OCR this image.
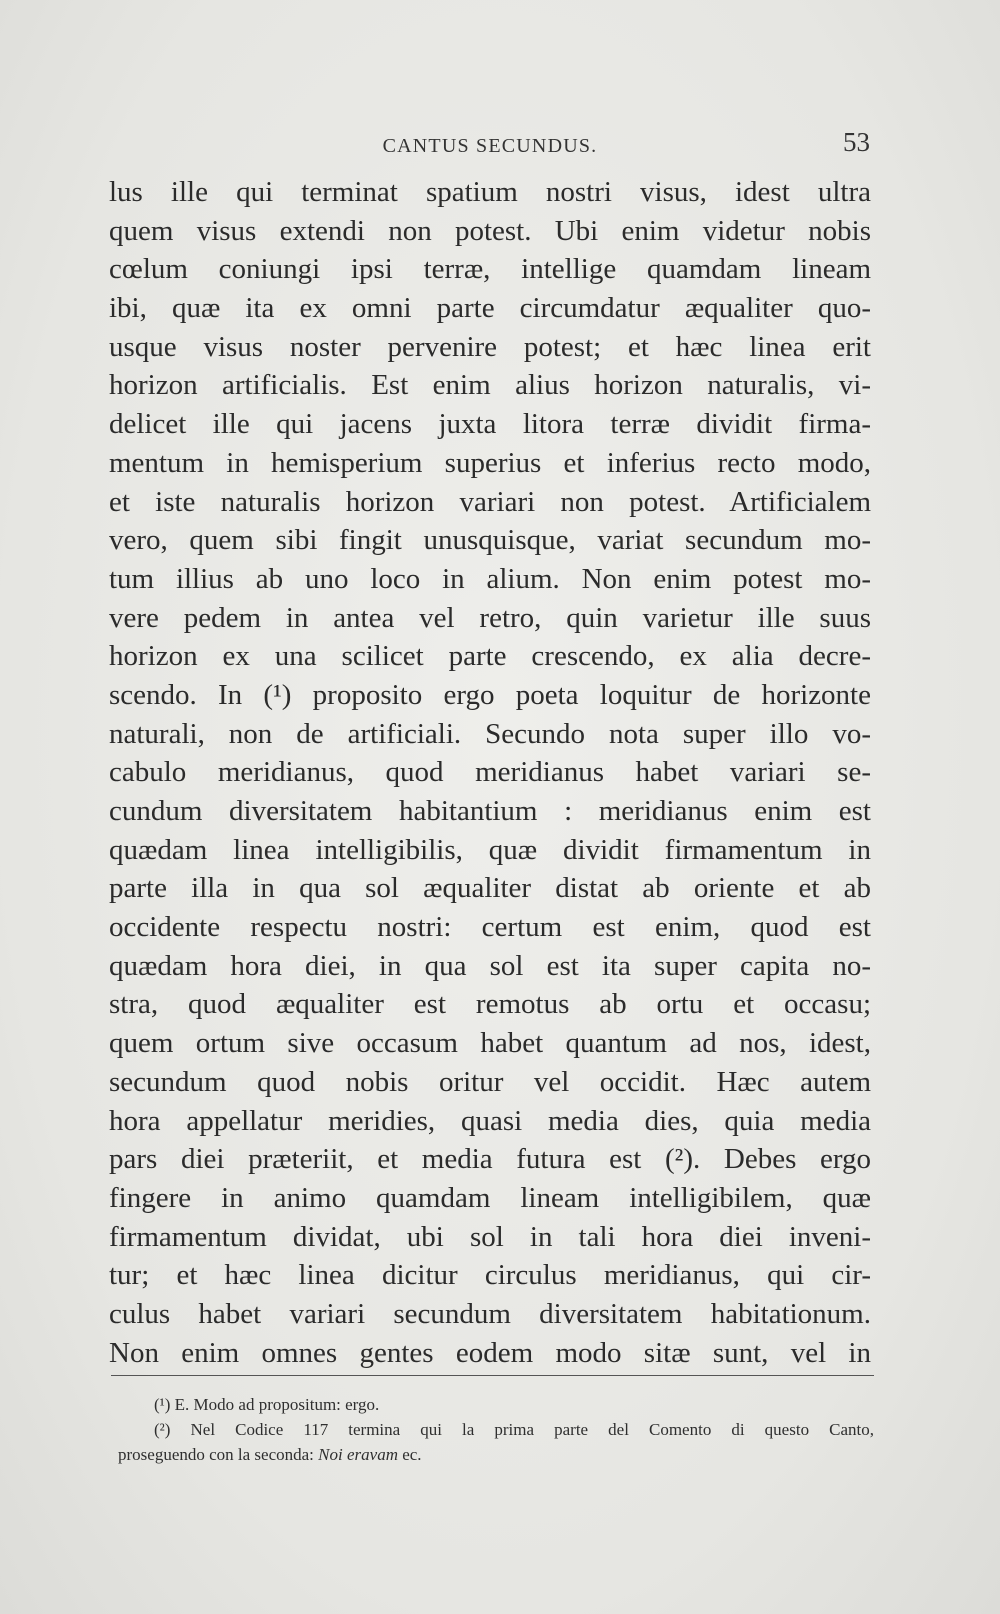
CANTUS SECUNDUS.	53
lus ille qui terminat spatium nostri visus, idest ultra
quem visus extendi non potest. Ubi enim videtur nobis
cœlum coniungi ipsi terræ, intellige quamdam lineam
ibi, quæ ita ex omni parte circumdatur æqualiter quo-
usque visus noster pervenire potest; et hæc linea erit
horizon artificialis. Est enim alius horizon naturalis, vi-
delicet ille qui jacens juxta litora terræ dividit firma-
mentum in hemisperium superius et inferius recto modo,
et iste naturalis horizon variari non potest. Artificialem
vero, quem sibi fingit unusquisque, variat secundum mo-
tum illius ab uno loco in alium. Non enim potest mo-
vere pedem in antea vel retro, quin varietur ille suus
horizon ex una scilicet parte crescendo, ex alia decre-
scendo. In (¹) proposito ergo poeta loquitur de horizonte
naturali, non de artificiali. Secundo nota super illo vo-
cabulo meridianus, quod meridianus habet variari se-
cundum diversitatem habitantium : meridianus enim est
quædam linea intelligibilis, quæ dividit firmamentum in
parte illa in qua sol æqualiter distat ab oriente et ab
occidente respectu nostri: certum est enim, quod est
quædam hora diei, in qua sol est ita super capita no-
stra, quod æqualiter est remotus ab ortu et occasu;
quem ortum sive occasum habet quantum ad nos, idest,
secundum quod nobis oritur vel occidit. Hæc autem
hora appellatur meridies, quasi media dies, quia media
pars diei præteriit, et media futura est (²). Debes ergo
fingere in animo quamdam lineam intelligibilem, quæ
firmamentum dividat, ubi sol in tali hora diei inveni-
tur; et hæc linea dicitur circulus meridianus, qui cir-
culus habet variari secundum diversitatem habitationum.
Non enim omnes gentes eodem modo sitæ sunt, vel in
(¹) E. Modo ad propositum: ergo.
(²) Nel Codice 117 termina qui la prima parte del Comento di questo Canto,
proseguendo con la seconda: Noi eravam ec.
